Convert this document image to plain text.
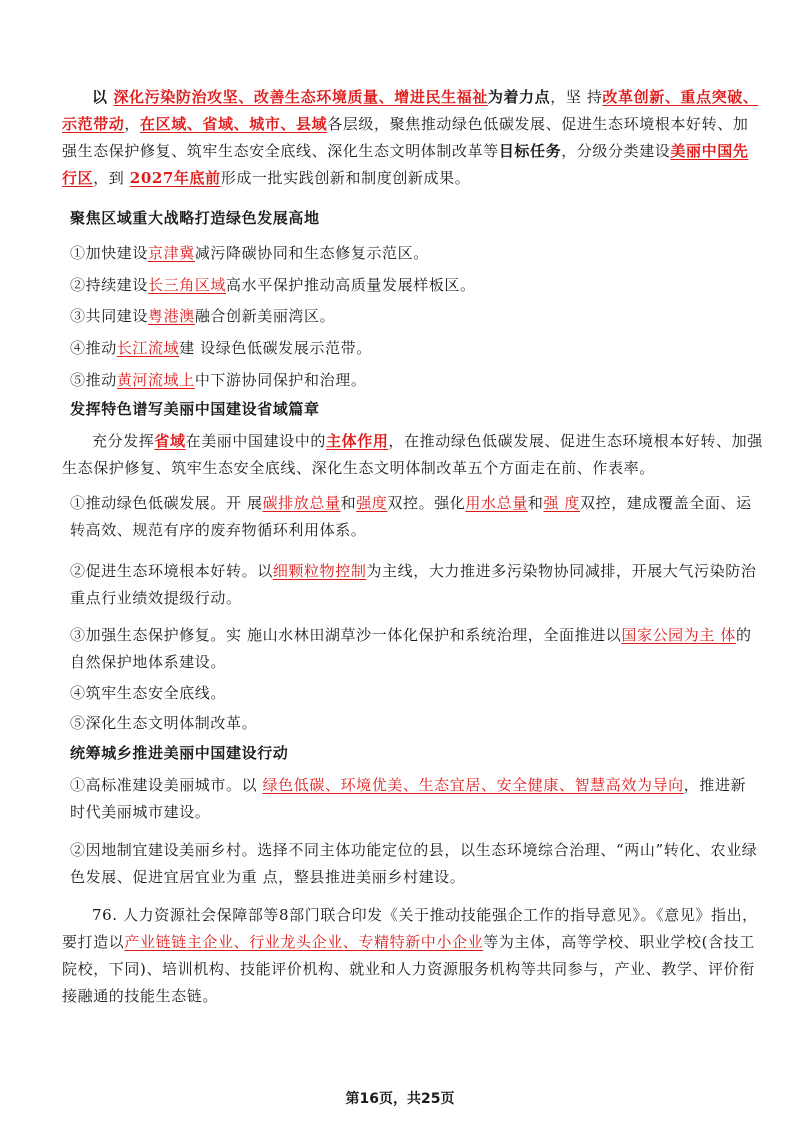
以 深化污染防治攻坚、改善生态环境质量、增进民生福祉为着力点，坚 持改革创新、重点突破、示范带动，在区域、省域、城市、县域各层级，聚焦推动绿色低碳发展、促进生态环境根本好转、加强生态保护修复、筑牢生态安全底线、深化生态文明体制改革等目标任务，分级分类建设美丽中国先行区，到 2027年底前形成一批实践创新和制度创新成果。

聚焦区域重大战略打造绿色发展高地

①加快建设京津冀减污降碳协同和生态修复示范区。

②持续建设长三角区域高水平保护推动高质量发展样板区。

③共同建设粤港澳融合创新美丽湾区。

④推动长江流域建 设绿色低碳发展示范带。

⑤推动黄河流域上中下游协同保护和治理。

发挥特色谱写美丽中国建设省域篇章

充分发挥省域在美丽中国建设中的主体作用，在推动绿色低碳发展、促进生态环境根本好转、加强生态保护修复、筑牢生态安全底线、深化生态文明体制改革五个方面走在前、作表率。

①推动绿色低碳发展。开 展碳排放总量和强度双控。强化用水总量和强 度双控，建成覆盖全面、运转高效、规范有序的废弃物循环利用体系。

②促进生态环境根本好转。以细颗粒物控制为主线，大力推进多污染物协同减排，开展大气污染防治重点行业绩效提级行动。

③加强生态保护修复。实 施山水林田湖草沙一体化保护和系统治理，全面推进以国家公园为主 体的自然保护地体系建设。

④筑牢生态安全底线。

⑤深化生态文明体制改革。

统筹城乡推进美丽中国建设行动

①高标准建设美丽城市。以 绿色低碳、环境优美、生态宜居、安全健康、智慧高效为导向，推进新时代美丽城市建设。

②因地制宜建设美丽乡村。选择不同主体功能定位的县，以生态环境综合治理、“两山”转化、农业绿色发展、促进宜居宜业为重 点，整县推进美丽乡村建设。

76. 人力资源社会保障部等8部门联合印发《关于推动技能强企工作的指导意见》。《意见》指出，要打造以产业链链主企业、行业龙头企业、专精特新中小企业等为主体，高等学校、职业学校(含技工院校，下同)、培训机构、技能评价机构、就业和人力资源服务机构等共同参与，产业、教学、评价衔接融通的技能生态链。

第16页，共25页
